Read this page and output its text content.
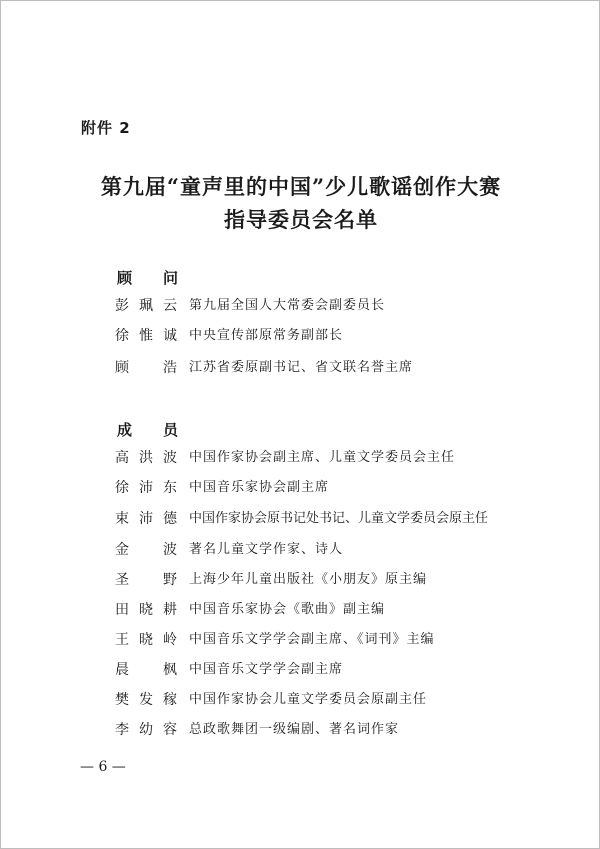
附件 2
第九届“童声里的中国”少儿歌谣创作大赛
指导委员会名单
顾　问
彭珮云 第九届全国人大常委会副委员长
徐惟诚 中央宣传部原常务副部长
顾　浩 江苏省委原副书记、省文联名誉主席
成　员
高洪波 中国作家协会副主席、儿童文学委员会主任
徐沛东 中国音乐家协会副主席
束沛德 中国作家协会原书记处书记、儿童文学委员会原主任
金　波 著名儿童文学作家、诗人
圣　野 上海少年儿童出版社《小朋友》原主编
田晓耕 中国音乐家协会《歌曲》副主编
王晓岭 中国音乐文学学会副主席、《词刊》主编
晨　枫 中国音乐文学学会副主席
樊发稼 中国作家协会儿童文学委员会原副主任
李幼容 总政歌舞团一级编剧、著名词作家
— 6 —
